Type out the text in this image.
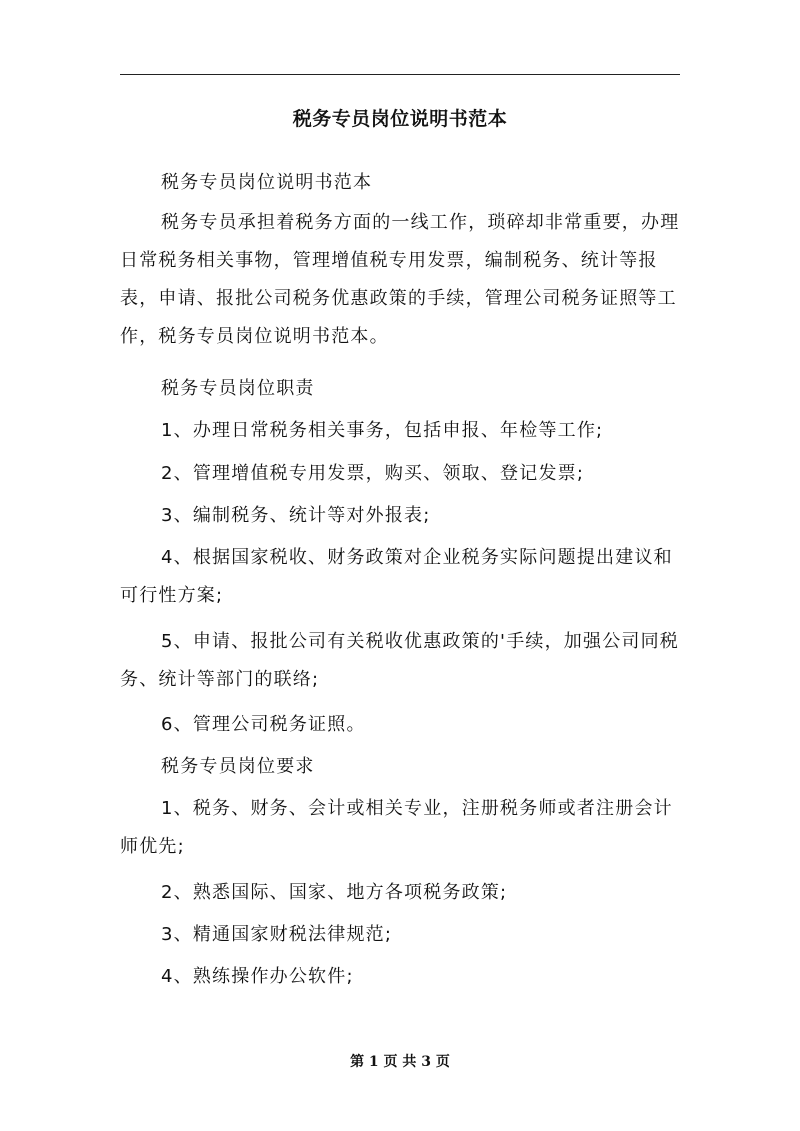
税务专员岗位说明书范本
税务专员岗位说明书范本
税务专员承担着税务方面的一线工作，琐碎却非常重要，办理日常税务相关事物，管理增值税专用发票，编制税务、统计等报表，申请、报批公司税务优惠政策的手续，管理公司税务证照等工作，税务专员岗位说明书范本。
税务专员岗位职责
1、办理日常税务相关事务，包括申报、年检等工作;
2、管理增值税专用发票，购买、领取、登记发票;
3、编制税务、统计等对外报表;
4、根据国家税收、财务政策对企业税务实际问题提出建议和可行性方案;
5、申请、报批公司有关税收优惠政策的'手续，加强公司同税务、统计等部门的联络;
6、管理公司税务证照。
税务专员岗位要求
1、税务、财务、会计或相关专业，注册税务师或者注册会计师优先;
2、熟悉国际、国家、地方各项税务政策;
3、精通国家财税法律规范;
4、熟练操作办公软件;
第 1 页 共 3 页
